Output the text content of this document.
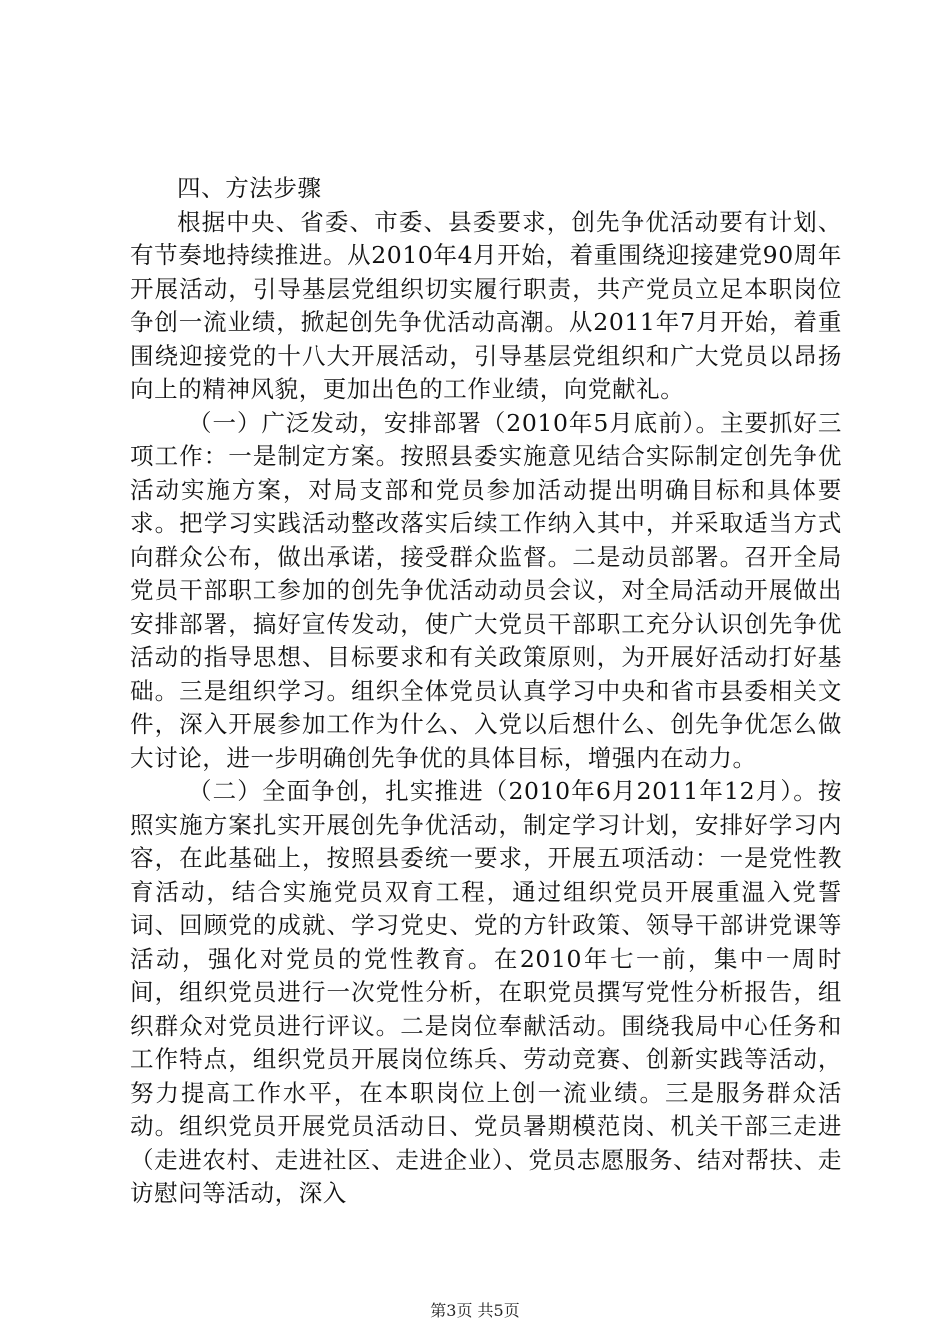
四、方法步骤

根据中央、省委、市委、县委要求，创先争优活动要有计划、有节奏地持续推进。从2010年4月开始，着重围绕迎接建党90周年开展活动，引导基层党组织切实履行职责，共产党员立足本职岗位争创一流业绩，掀起创先争优活动高潮。从2011年7月开始，着重围绕迎接党的十八大开展活动，引导基层党组织和广大党员以昂扬向上的精神风貌，更加出色的工作业绩，向党献礼。

（一）广泛发动，安排部署（2010年5月底前）。主要抓好三项工作：一是制定方案。按照县委实施意见结合实际制定创先争优活动实施方案，对局支部和党员参加活动提出明确目标和具体要求。把学习实践活动整改落实后续工作纳入其中，并采取适当方式向群众公布，做出承诺，接受群众监督。二是动员部署。召开全局党员干部职工参加的创先争优活动动员会议，对全局活动开展做出安排部署，搞好宣传发动，使广大党员干部职工充分认识创先争优活动的指导思想、目标要求和有关政策原则，为开展好活动打好基础。三是组织学习。组织全体党员认真学习中央和省市县委相关文件，深入开展参加工作为什么、入党以后想什么、创先争优怎么做大讨论，进一步明确创先争优的具体目标，增强内在动力。

（二）全面争创，扎实推进（2010年6月2011年12月）。按照实施方案扎实开展创先争优活动，制定学习计划，安排好学习内容，在此基础上，按照县委统一要求，开展五项活动：一是党性教育活动，结合实施党员双育工程，通过组织党员开展重温入党誓词、回顾党的成就、学习党史、党的方针政策、领导干部讲党课等活动，强化对党员的党性教育。在2010年七一前，集中一周时间，组织党员进行一次党性分析，在职党员撰写党性分析报告，组织群众对党员进行评议。二是岗位奉献活动。围绕我局中心任务和工作特点，组织党员开展岗位练兵、劳动竞赛、创新实践等活动，努力提高工作水平，在本职岗位上创一流业绩。三是服务群众活动。组织党员开展党员活动日、党员暑期模范岗、机关干部三走进（走进农村、走进社区、走进企业）、党员志愿服务、结对帮扶、走访慰问等活动，深入

第3页 共5页
